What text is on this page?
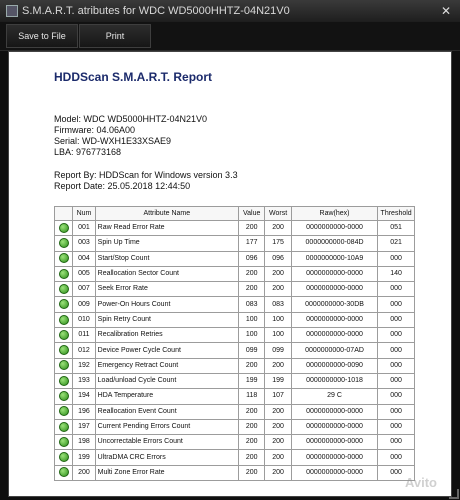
S.M.A.R.T. atributes for WDC WD5000HHTZ-04N21V0	✕
Save to File	Print
HDDScan S.M.A.R.T. Report
Model: WDC WD5000HHTZ-04N21V0
Firmware: 04.06A00
Serial: WD-WXH1E33XSAE9
LBA: 976773168
Report By: HDDScan for Windows version 3.3
Report Date: 25.05.2018 12:44:50
	Num	Attribute Name	Value	Worst	Raw(hex)	Threshold
	001	Raw Read Error Rate	200	200	0000000000-0000	051
	003	Spin Up Time	177	175	0000000000-084D	021
	004	Start/Stop Count	096	096	0000000000-10A9	000
	005	Reallocation Sector Count	200	200	0000000000-0000	140
	007	Seek Error Rate	200	200	0000000000-0000	000
	009	Power-On Hours Count	083	083	0000000000-30DB	000
	010	Spin Retry Count	100	100	0000000000-0000	000
	011	Recalibration Retries	100	100	0000000000-0000	000
	012	Device Power Cycle Count	099	099	0000000000-07AD	000
	192	Emergency Retract Count	200	200	0000000000-0090	000
	193	Load/unload Cycle Count	199	199	0000000000-1018	000
	194	HDA Temperature	118	107	29 C	000
	196	Reallocation Event Count	200	200	0000000000-0000	000
	197	Current Pending Errors Count	200	200	0000000000-0000	000
	198	Uncorrectable Errors Count	200	200	0000000000-0000	000
	199	UltraDMA CRC Errors	200	200	0000000000-0000	000
	200	Multi Zone Error Rate	200	200	0000000000-0000	000
Avito
